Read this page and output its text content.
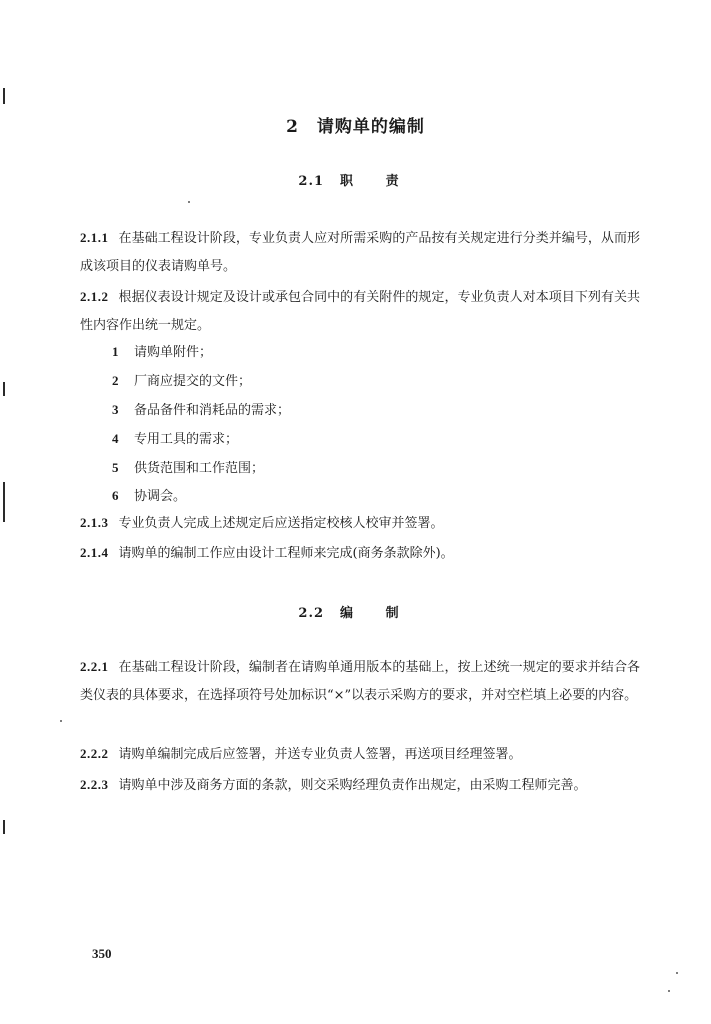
2 请购单的编制
2.1 职 责
2.1.1 在基础工程设计阶段，专业负责人应对所需采购的产品按有关规定进行分类并编号，从而形成该项目的仪表请购单号。
2.1.2 根据仪表设计规定及设计或承包合同中的有关附件的规定，专业负责人对本项目下列有关共性内容作出统一规定。
1 请购单附件；
2 厂商应提交的文件；
3 备品备件和消耗品的需求；
4 专用工具的需求；
5 供货范围和工作范围；
6 协调会。
2.1.3 专业负责人完成上述规定后应送指定校核人校审并签署。
2.1.4 请购单的编制工作应由设计工程师来完成(商务条款除外)。
2.2 编 制
2.2.1 在基础工程设计阶段，编制者在请购单通用版本的基础上，按上述统一规定的要求并结合各类仪表的具体要求，在选择项符号处加标识“×”以表示采购方的要求，并对空栏填上必要的内容。
2.2.2 请购单编制完成后应签署，并送专业负责人签署，再送项目经理签署。
2.2.3 请购单中涉及商务方面的条款，则交采购经理负责作出规定，由采购工程师完善。
350
